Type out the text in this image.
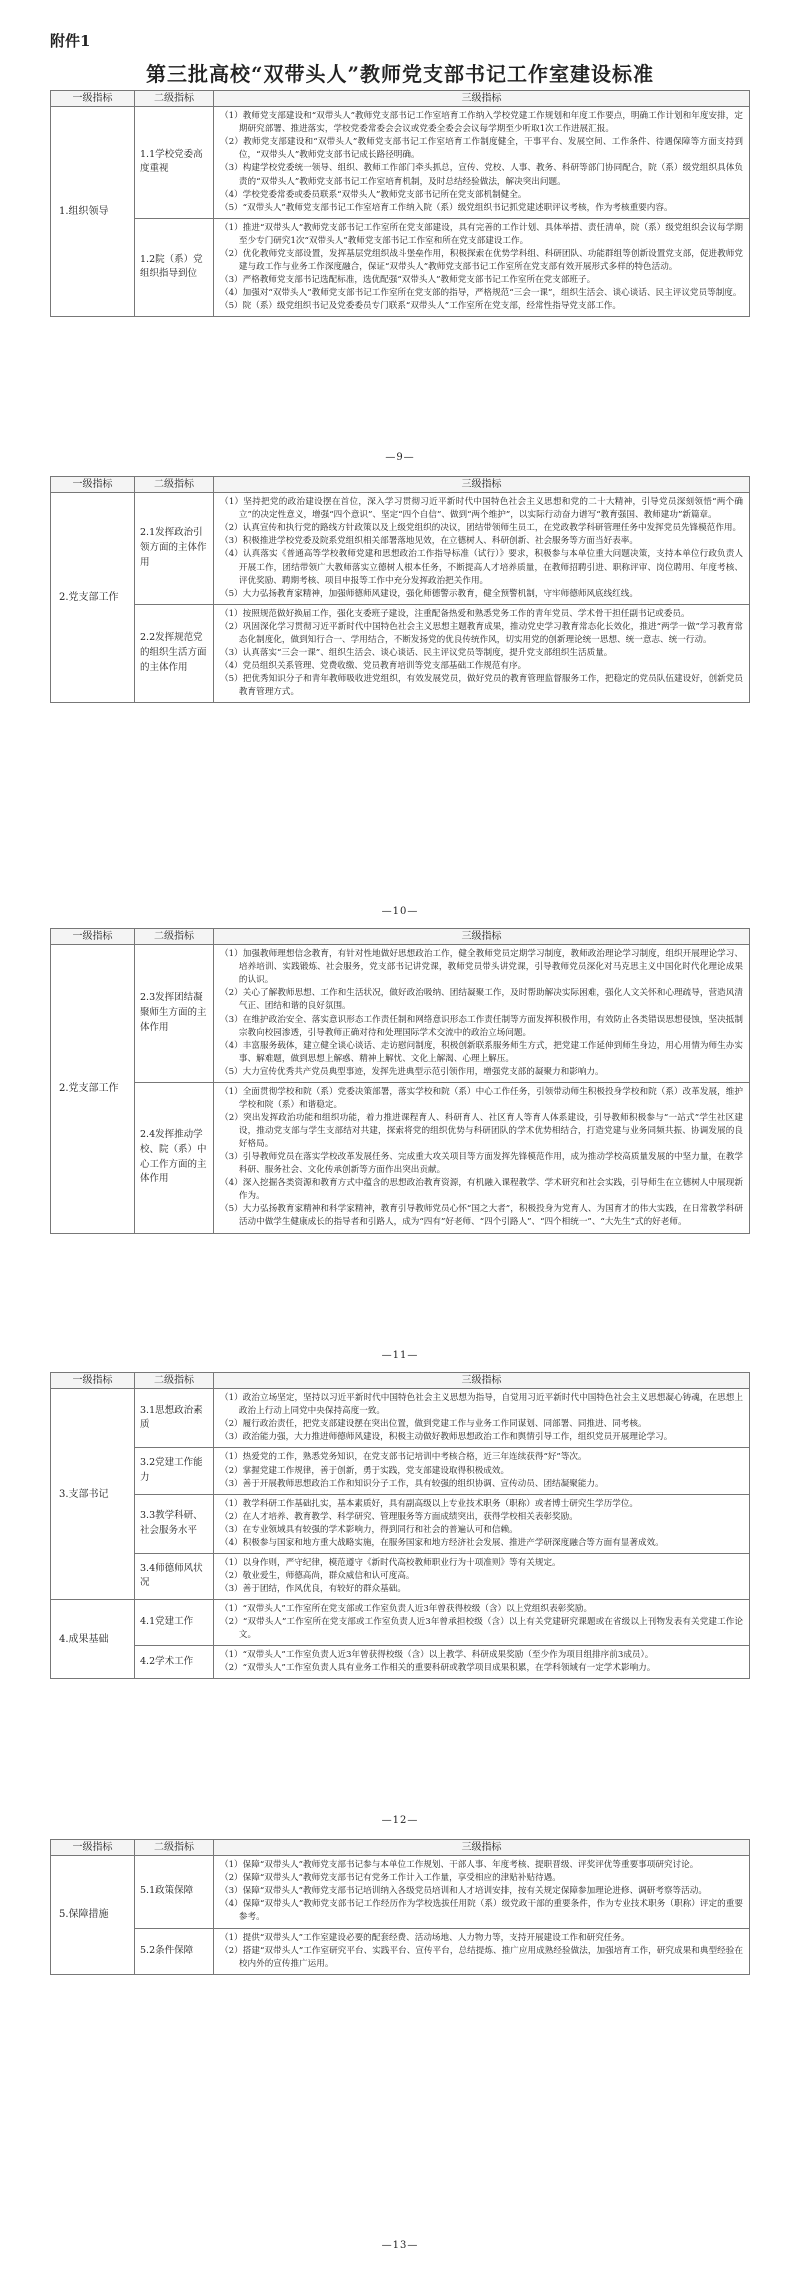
附件1
第三批高校“双带头人”教师党支部书记工作室建设标准
一级指标	二级指标	三级指标
1.组织领导	1.1学校党委高度重视	（1）教师党支部建设和“双带头人”教师党支部书记工作室培育工作纳入学校党建工作规划和年度工作要点，明确工作计划和年度安排，定期研究部署、推进落实，学校党委常委会会议或党委全委会会议每学期至少听取1次工作进展汇报。

（2）教师党支部建设和“双带头人”教师党支部书记工作室培育工作制度健全，干事平台、发展空间、工作条件、待遇保障等方面支持到位，“双带头人”教师党支部书记成长路径明确。

（3）构建学校党委统一领导、组织、教师工作部门牵头抓总，宣传、党校、人事、教务、科研等部门协同配合，院（系）级党组织具体负责的“双带头人”教师党支部书记工作室培育机制，及时总结经验做法，解决突出问题。

（4）学校党委常委或委员联系“双带头人”教师党支部书记所在党支部机制健全。

（5）“双带头人”教师党支部书记工作室培育工作纳入院（系）级党组织书记抓党建述职评议考核，作为考核重要内容。

	1.2院（系）党组织指导到位	（1）推进“双带头人”教师党支部书记工作室所在党支部建设，具有完善的工作计划、具体举措、责任清单，院（系）级党组织会议每学期至少专门研究1次“双带头人”教师党支部书记工作室和所在党支部建设工作。

（2）优化教师党支部设置，发挥基层党组织战斗堡垒作用，积极探索在优势学科组、科研团队、功能群组等创新设置党支部，促进教师党建与政工作与业务工作深度融合，保证“双带头人”教师党支部书记工作室所在党支部有效开展形式多样的特色活动。

（3）严格教师党支部书记选配标准，选优配强“双带头人”教师党支部书记工作室所在党支部班子。

（4）加强对“双带头人”教师党支部书记工作室所在党支部的指导，严格规范“三会一课”，组织生活会、谈心谈话、民主评议党员等制度。

（5）院（系）级党组织书记及党委委员专门联系“双带头人”工作室所在党支部，经常性指导党支部工作。

—9—
一级指标	二级指标	三级指标
2.党支部工作	2.1发挥政治引领方面的主体作用	（1）坚持把党的政治建设摆在首位，深入学习贯彻习近平新时代中国特色社会主义思想和党的二十大精神，引导党员深刻领悟“两个确立”的决定性意义，增强“四个意识”、坚定“四个自信”、做到“两个维护”，以实际行动奋力谱写“教育强国、教师建功”新篇章。

（2）认真宣传和执行党的路线方针政策以及上级党组织的决议，团结带领师生员工，在党政教学科研管理任务中发挥党员先锋模范作用。

（3）积极推进学校党委及院系党组织相关部署落地见效，在立德树人、科研创新、社会服务等方面当好表率。

（4）认真落实《普通高等学校教师党建和思想政治工作指导标准（试行）》要求，积极参与本单位重大问题决策，支持本单位行政负责人开展工作，团结带领广大教师落实立德树人根本任务，不断提高人才培养质量，在教师招聘引进、职称评审、岗位聘用、年度考核、评优奖励、聘期考核、项目申报等工作中充分发挥政治把关作用。

（5）大力弘扬教育家精神，加强师德师风建设，强化师德警示教育，健全预警机制，守牢师德师风底线红线。

	2.2发挥规范党的组织生活方面的主体作用	（1）按照规范做好换届工作，强化支委班子建设，注重配备热爱和熟悉党务工作的青年党员、学术骨干担任副书记或委员。

（2）巩固深化学习贯彻习近平新时代中国特色社会主义思想主题教育成果，推动党史学习教育常态化长效化，推进“两学一做”学习教育常态化制度化，做到知行合一、学用结合，不断发扬党的优良传统作风，切实用党的创新理论统一思想、统一意志、统一行动。

（3）认真落实“三会一课”、组织生活会、谈心谈话、民主评议党员等制度，提升党支部组织生活质量。

（4）党员组织关系管理、党费收缴、党员教育培训等党支部基础工作规范有序。

（5）把优秀知识分子和青年教师吸收进党组织，有效发展党员，做好党员的教育管理监督服务工作，把稳定的党员队伍建设好，创新党员教育管理方式。

—10—
一级指标	二级指标	三级指标
2.党支部工作	2.3发挥团结凝聚师生方面的主体作用	（1）加强教师理想信念教育，有针对性地做好思想政治工作，健全教师党员定期学习制度，教师政治理论学习制度，组织开展理论学习、培养培训、实践锻炼、社会服务，党支部书记讲党课，教师党员带头讲党课，引导教师党员深化对马克思主义中国化时代化理论成果的认识。

（2）关心了解教师思想、工作和生活状况，做好政治吸纳、团结凝聚工作，及时帮助解决实际困难，强化人文关怀和心理疏导，营造风清气正、团结和谐的良好氛围。

（3）在维护政治安全、落实意识形态工作责任制和网络意识形态工作责任制等方面发挥积极作用，有效防止各类错误思想侵蚀，坚决抵制宗教向校园渗透，引导教师正确对待和处理国际学术交流中的政治立场问题。

（4）丰富服务载体，建立健全谈心谈话、走访慰问制度，积极创新联系服务师生方式，把党建工作延伸到师生身边，用心用情为师生办实事、解难题，做到思想上解惑、精神上解忧、文化上解渴、心理上解压。

（5）大力宣传优秀共产党员典型事迹，发挥先进典型示范引领作用，增强党支部的凝聚力和影响力。

	2.4发挥推动学校、院（系）中心工作方面的主体作用	（1）全面贯彻学校和院（系）党委决策部署，落实学校和院（系）中心工作任务，引领带动师生积极投身学校和院（系）改革发展，维护学校和院（系）和谐稳定。

（2）突出发挥政治功能和组织功能，着力推进课程育人、科研育人、社区育人等育人体系建设，引导教师积极参与“一站式”学生社区建设，推动党支部与学生支部结对共建，探索将党的组织优势与科研团队的学术优势相结合，打造党建与业务同频共振、协调发展的良好格局。

（3）引导教师党员在落实学校改革发展任务、完成重大攻关项目等方面发挥先锋模范作用，成为推动学校高质量发展的中坚力量，在教学科研、服务社会、文化传承创新等方面作出突出贡献。

（4）深入挖掘各类资源和教育方式中蕴含的思想政治教育资源，有机融入课程教学、学术研究和社会实践，引导师生在立德树人中展现新作为。

（5）大力弘扬教育家精神和科学家精神，教育引导教师党员心怀“国之大者”，积极投身为党育人、为国育才的伟大实践，在日常教学科研活动中做学生健康成长的指导者和引路人，成为“四有”好老师、“四个引路人”、“四个相统一”、“大先生”式的好老师。

—11—
一级指标	二级指标	三级指标
3.支部书记	3.1思想政治素质	（1）政治立场坚定，坚持以习近平新时代中国特色社会主义思想为指导，自觉用习近平新时代中国特色社会主义思想凝心铸魂，在思想上政治上行动上同党中央保持高度一致。

（2）履行政治责任，把党支部建设摆在突出位置，做到党建工作与业务工作同谋划、同部署、同推进、同考核。

（3）政治能力强，大力推进师德师风建设，积极主动做好教师思想政治工作和舆情引导工作，组织党员开展理论学习。

	3.2党建工作能力	（1）热爱党的工作，熟悉党务知识，在党支部书记培训中考核合格，近三年连续获得“好”等次。

（2）掌握党建工作规律，善于创新，勇于实践，党支部建设取得积极成效。

（3）善于开展教师思想政治工作和知识分子工作，具有较强的组织协调、宣传动员、团结凝聚能力。

	3.3教学科研、社会服务水平	（1）教学科研工作基础扎实，基本素质好，具有副高级以上专业技术职务（职称）或者博士研究生学历学位。

（2）在人才培养、教育教学、科学研究、管理服务等方面成绩突出，获得学校相关表彰奖励。

（3）在专业领域具有较强的学术影响力，得到同行和社会的普遍认可和信赖。

（4）积极参与国家和地方重大战略实施，在服务国家和地方经济社会发展、推进产学研深度融合等方面有显著成效。

	3.4师德师风状况	（1）以身作则，严守纪律，模范遵守《新时代高校教师职业行为十项准则》等有关规定。

（2）敬业爱生，师德高尚，群众威信和认可度高。

（3）善于团结，作风优良，有较好的群众基础。

4.成果基础	4.1党建工作	（1）“双带头人”工作室所在党支部或工作室负责人近3年曾获得校级（含）以上党组织表彰奖励。

（2）“双带头人”工作室所在党支部或工作室负责人近3年曾承担校级（含）以上有关党建研究课题或在省级以上刊物发表有关党建工作论文。

	4.2学术工作	（1）“双带头人”工作室负责人近3年曾获得校级（含）以上教学、科研成果奖励（至少作为项目组排序前3成员）。

（2）“双带头人”工作室负责人具有业务工作相关的重要科研或教学项目成果积累，在学科领域有一定学术影响力。

—12—
一级指标	二级指标	三级指标
5.保障措施	5.1政策保障	（1）保障“双带头人”教师党支部书记参与本单位工作规划、干部人事、年度考核、提职晋级、评奖评优等重要事项研究讨论。

（2）保障“双带头人”教师党支部书记有党务工作计入工作量，享受相应的津贴补贴待遇。

（3）保障“双带头人”教师党支部书记培训纳入各级党员培训和人才培训安排，按有关规定保障参加理论进修、调研考察等活动。

（4）保障“双带头人”教师党支部书记工作经历作为学校选拔任用院（系）级党政干部的重要条件，作为专业技术职务（职称）评定的重要参考。

	5.2条件保障	（1）提供“双带头人”工作室建设必要的配套经费、活动场地、人力物力等，支持开展建设工作和研究任务。

（2）搭建“双带头人”工作室研究平台、实践平台、宣传平台，总结提炼、推广应用成熟经验做法，加强培育工作，研究成果和典型经验在校内外的宣传推广运用。

—13—
